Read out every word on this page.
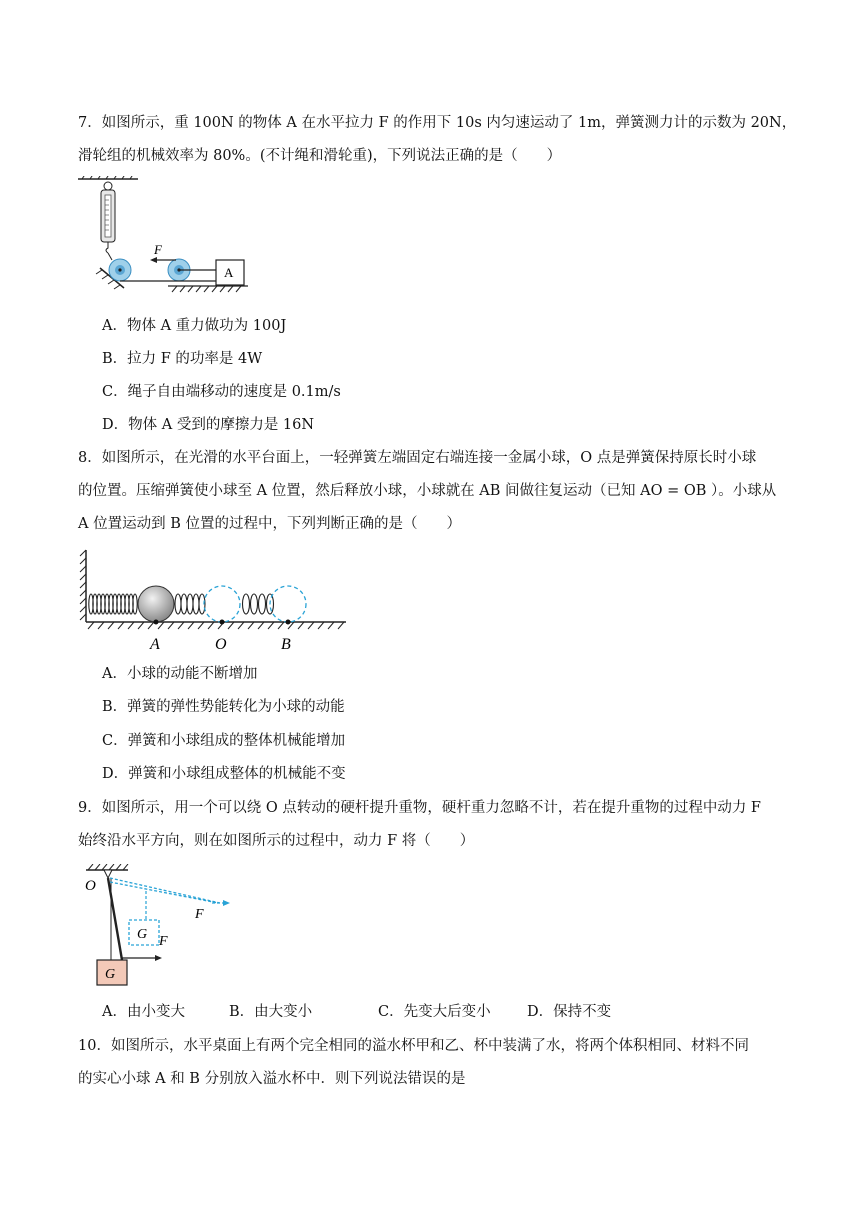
7．如图所示，重 100N 的物体 A 在水平拉力 F 的作用下 10s 内匀速运动了 1m，弹簧测力计的示数为 20N，
滑轮组的机械效率为 80%。(不计绳和滑轮重)，下列说法正确的是（　　）
F
A
A．物体 A 重力做功为 100J
B．拉力 F 的功率是 4W
C．绳子自由端移动的速度是 0.1m/s
D．物体 A 受到的摩擦力是 16N
8．如图所示，在光滑的水平台面上，一轻弹簧左端固定右端连接一金属小球，O 点是弹簧保持原长时小球
的位置。压缩弹簧使小球至 A 位置，然后释放小球，小球就在 AB 间做往复运动（已知 AO = OB ）。小球从
A 位置运动到 B 位置的过程中，下列判断正确的是（　　）
A	O	B
A．小球的动能不断增加
B．弹簧的弹性势能转化为小球的动能
C．弹簧和小球组成的整体机械能增加
D．弹簧和小球组成整体的机械能不变
9．如图所示，用一个可以绕 O 点转动的硬杆提升重物，硬杆重力忽略不计，若在提升重物的过程中动力 F
始终沿水平方向，则在如图所示的过程中，动力 F 将（　　）
O
F
G F
G
A．由小变大	B．由大变小	C．先变大后变小	D．保持不变
10．如图所示，水平桌面上有两个完全相同的溢水杯甲和乙、杯中装满了水，将两个体积相同、材料不同
的实心小球 A 和 B 分别放入溢水杯中．则下列说法错误的是
